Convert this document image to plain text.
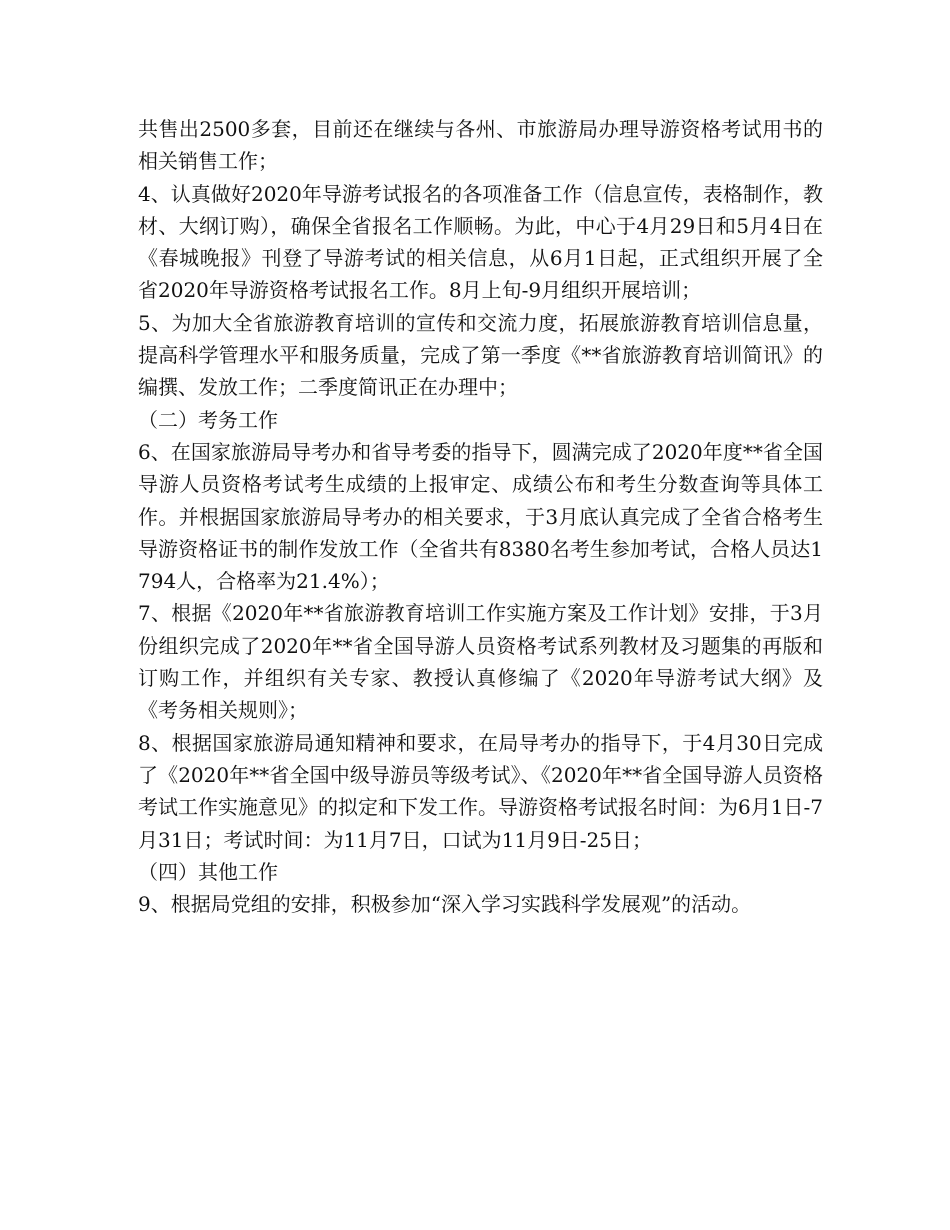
共售出2500多套，目前还在继续与各州、市旅游局办理导游资格考试用书的相关销售工作；

4、认真做好2020年导游考试报名的各项准备工作（信息宣传，表格制作，教材、大纲订购），确保全省报名工作顺畅。为此，中心于4月29日和5月4日在《春城晚报》刊登了导游考试的相关信息，从6月1日起，正式组织开展了全省2020年导游资格考试报名工作。8月上旬-9月组织开展培训；

5、为加大全省旅游教育培训的宣传和交流力度，拓展旅游教育培训信息量，提高科学管理水平和服务质量，完成了第一季度《**省旅游教育培训简讯》的编撰、发放工作；二季度简讯正在办理中；

（二）考务工作

6、在国家旅游局导考办和省导考委的指导下，圆满完成了2020年度**省全国导游人员资格考试考生成绩的上报审定、成绩公布和考生分数查询等具体工作。并根据国家旅游局导考办的相关要求，于3月底认真完成了全省合格考生导游资格证书的制作发放工作（全省共有8380名考生参加考试，合格人员达1794人，合格率为21.4%）；

7、根据《2020年**省旅游教育培训工作实施方案及工作计划》安排，于3月份组织完成了2020年**省全国导游人员资格考试系列教材及习题集的再版和订购工作，并组织有关专家、教授认真修编了《2020年导游考试大纲》及《考务相关规则》；

8、根据国家旅游局通知精神和要求，在局导考办的指导下，于4月30日完成了《2020年**省全国中级导游员等级考试》、《2020年**省全国导游人员资格考试工作实施意见》的拟定和下发工作。导游资格考试报名时间：为6月1日-7月31日；考试时间：为11月7日，口试为11月9日-25日；

（四）其他工作

9、根据局党组的安排，积极参加“深入学习实践科学发展观”的活动。
